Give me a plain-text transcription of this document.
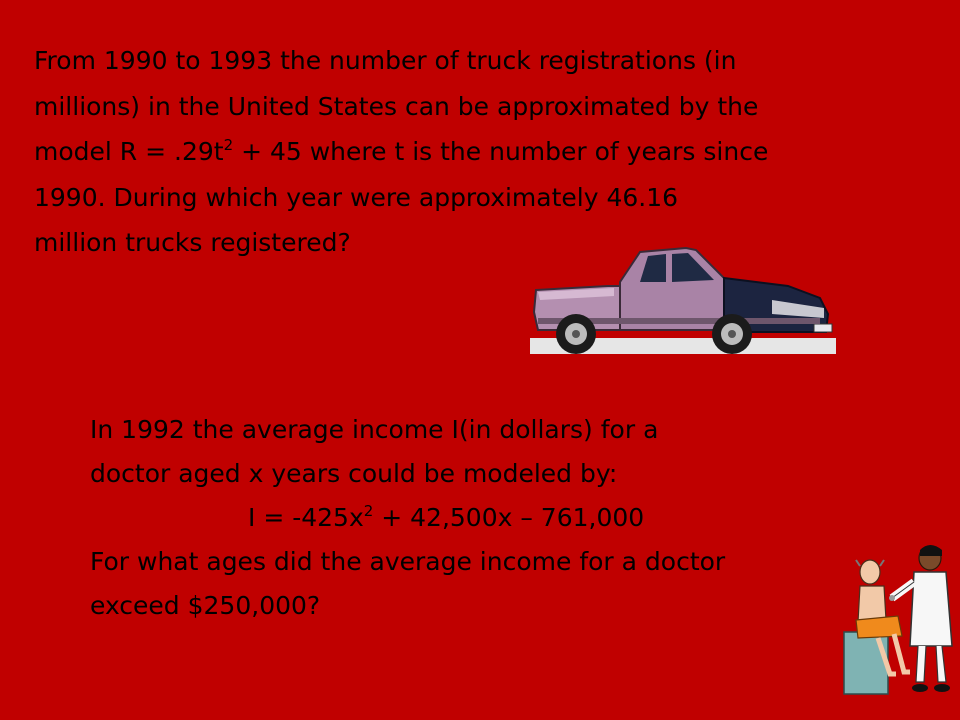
From 1990 to 1993 the number of truck registrations (in
millions) in the United States can be approximated by the
model $R = .29t^2 + 45$ where t is the number of years since
1990. During which year were approximately 46.16
million trucks registered?
In 1992 the average income I(in dollars) for a
doctor aged x years could be modeled by:
$I = -425x^2 + 42,500x - 761,000$
For what ages did the average income for a doctor
exceed $250,000?
